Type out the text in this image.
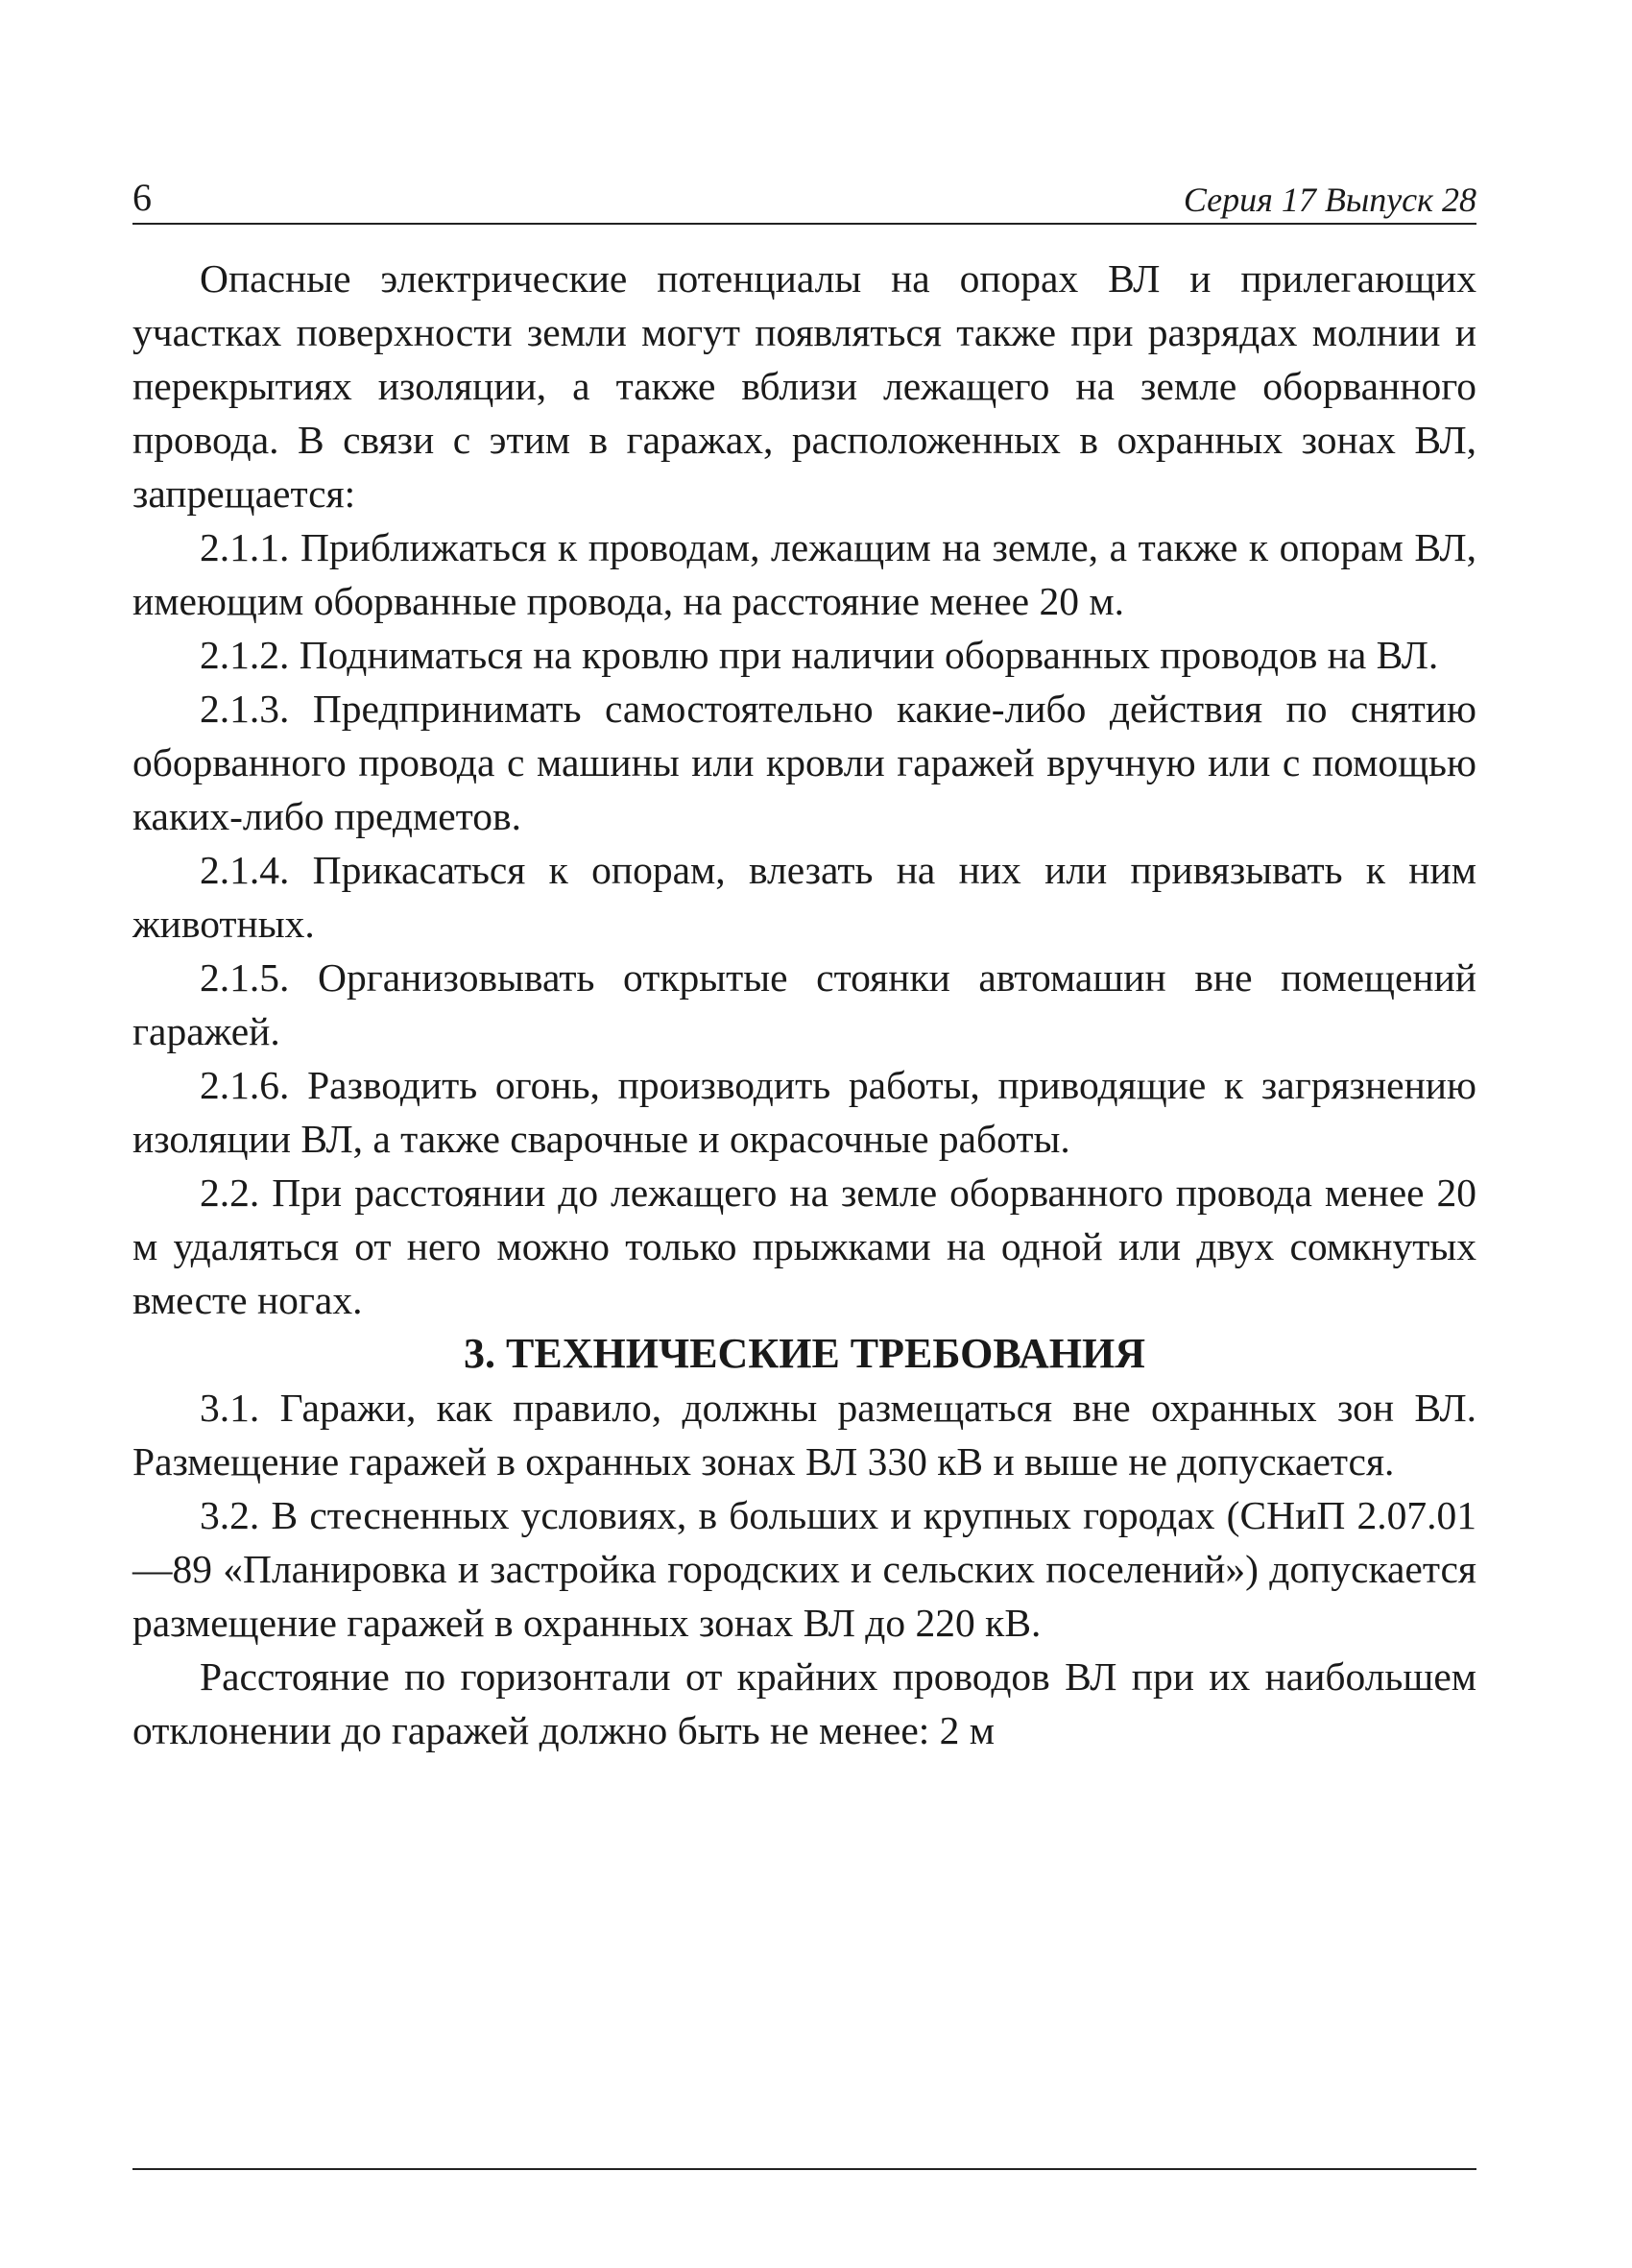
6	Серия 17 Выпуск 28

Опасные электрические потенциалы на опорах ВЛ и прилегающих участках поверхности земли могут появляться также при разрядах молнии и перекрытиях изоляции, а также вблизи лежащего на земле оборванного провода. В связи с этим в гаражах, расположенных в охранных зонах ВЛ, запрещается:

2.1.1. Приближаться к проводам, лежащим на земле, а также к опорам ВЛ, имеющим оборванные провода, на расстояние менее 20 м.

2.1.2. Подниматься на кровлю при наличии оборванных проводов на ВЛ.

2.1.3. Предпринимать самостоятельно какие-либо действия по снятию оборванного провода с машины или кровли гаражей вручную или с помощью каких-либо предметов.

2.1.4. Прикасаться к опорам, влезать на них или привязывать к ним животных.

2.1.5. Организовывать открытые стоянки автомашин вне помещений гаражей.

2.1.6. Разводить огонь, производить работы, приводящие к загрязнению изоляции ВЛ, а также сварочные и окрасочные работы.

2.2. При расстоянии до лежащего на земле оборванного провода менее 20 м удаляться от него можно только прыжками на одной или двух сомкнутых вместе ногах.

3. ТЕХНИЧЕСКИЕ ТРЕБОВАНИЯ

3.1. Гаражи, как правило, должны размещаться вне охранных зон ВЛ. Размещение гаражей в охранных зонах ВЛ 330 кВ и выше не допускается.

3.2. В стесненных условиях, в больших и крупных городах (СНиП 2.07.01—89 «Планировка и застройка городских и сельских поселений») допускается размещение гаражей в охранных зонах ВЛ до 220 кВ.

Расстояние по горизонтали от крайних проводов ВЛ при их наибольшем отклонении до гаражей должно быть не менее: 2 м
